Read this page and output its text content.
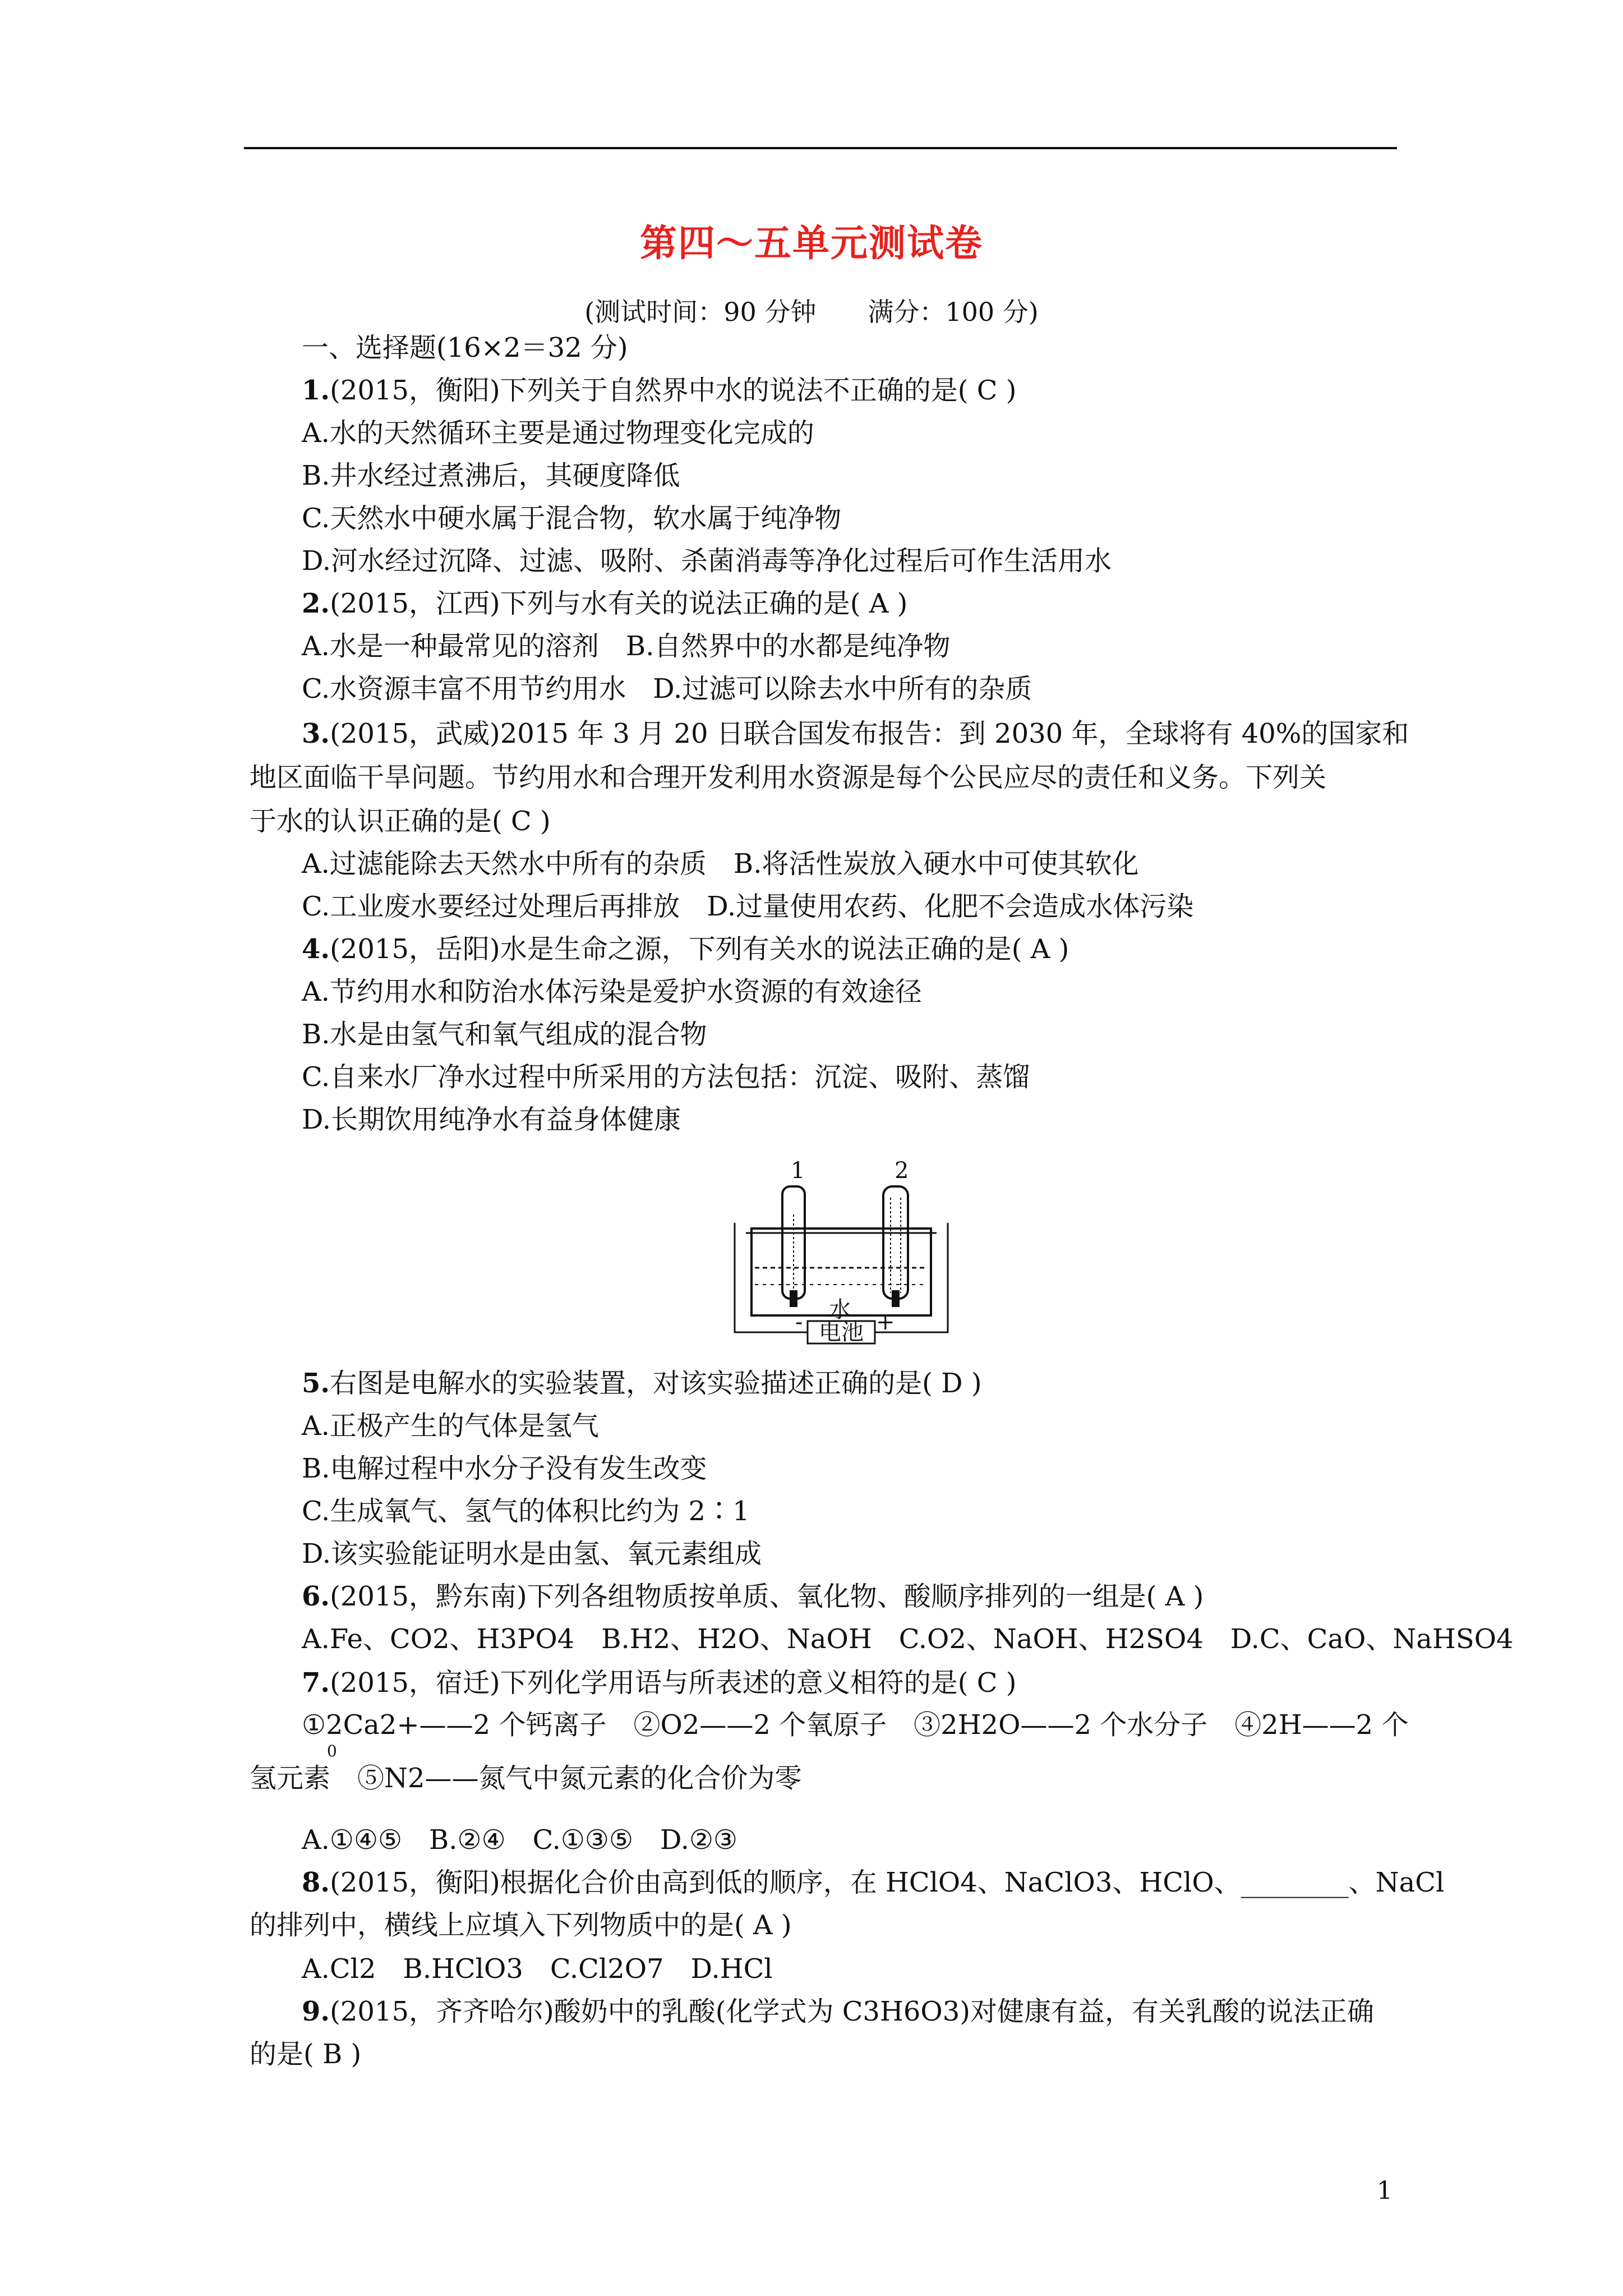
第四～五单元测试卷
(测试时间：90 分钟　　满分：100 分)
一、选择题(16×2＝32 分)
1.(2015，衡阳)下列关于自然界中水的说法不正确的是( C )
A.水的天然循环主要是通过物理变化完成的
B.井水经过煮沸后，其硬度降低
C.天然水中硬水属于混合物，软水属于纯净物
D.河水经过沉降、过滤、吸附、杀菌消毒等净化过程后可作生活用水
2.(2015，江西)下列与水有关的说法正确的是( A )
A.水是一种最常见的溶剂　B.自然界中的水都是纯净物
C.水资源丰富不用节约用水　D.过滤可以除去水中所有的杂质
3.(2015，武威)2015 年 3 月 20 日联合国发布报告：到 2030 年，全球将有 40%的国家和
地区面临干旱问题。节约用水和合理开发利用水资源是每个公民应尽的责任和义务。下列关
于水的认识正确的是( C )
A.过滤能除去天然水中所有的杂质　B.将活性炭放入硬水中可使其软化
C.工业废水要经过处理后再排放　D.过量使用农药、化肥不会造成水体污染
4.(2015，岳阳)水是生命之源，下列有关水的说法正确的是( A )
A.节约用水和防治水体污染是爱护水资源的有效途径
B.水是由氢气和氧气组成的混合物
C.自来水厂净水过程中所采用的方法包括：沉淀、吸附、蒸馏
D.长期饮用纯净水有益身体健康
1	2
电池
水
-	+
5.右图是电解水的实验装置，对该实验描述正确的是( D )
A.正极产生的气体是氢气
B.电解过程中水分子没有发生改变
C.生成氧气、氢气的体积比约为 2∶1
D.该实验能证明水是由氢、氧元素组成
6.(2015，黔东南)下列各组物质按单质、氧化物、酸顺序排列的一组是( A )
A.Fe、CO2、H3PO4　B.H2、H2O、NaOH　C.O2、NaOH、H2SO4　D.C、CaO、NaHSO4
7.(2015，宿迁)下列化学用语与所表述的意义相符的是( C )
①2Ca2+——2 个钙离子　②O2——2 个氧原子　③2H2O——2 个水分子　④2H——2 个
0
氢元素　⑤N2——氮气中氮元素的化合价为零
A.①④⑤　B.②④　C.①③⑤　D.②③
8.(2015，衡阳)根据化合价由高到低的顺序，在 HClO4、NaClO3、HClO、________、NaCl
的排列中，横线上应填入下列物质中的是( A )
A.Cl2　B.HClO3　C.Cl2O7　D.HCl
9.(2015，齐齐哈尔)酸奶中的乳酸(化学式为 C3H6O3)对健康有益，有关乳酸的说法正确
的是( B )
1
